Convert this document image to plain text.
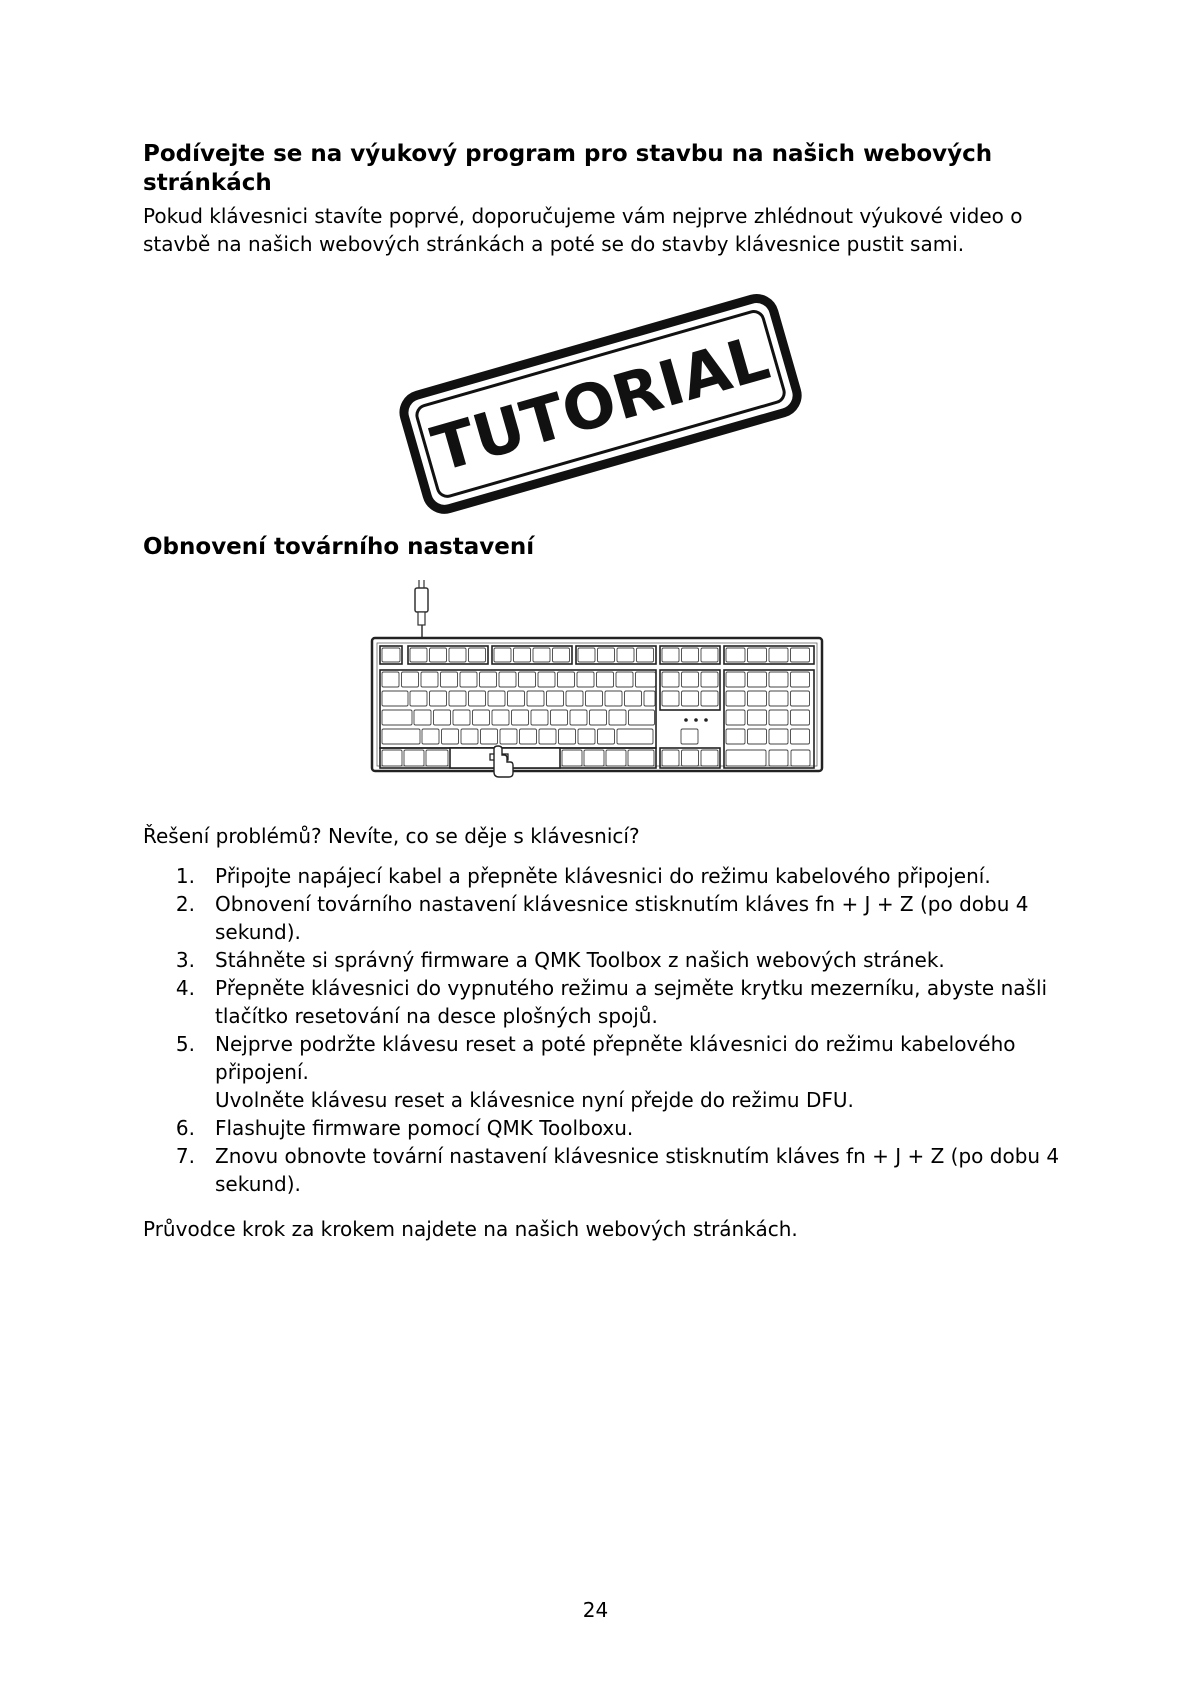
Podívejte se na výukový program pro stavbu na našich webových stránkách

Pokud klávesnici stavíte poprvé, doporučujeme vám nejprve zhlédnout výukové video o stavbě na našich webových stránkách a poté se do stavby klávesnice pustit sami.

TUTORIAL
Obnovení továrního nastavení

Řešení problémů? Nevíte, co se děje s klávesnicí?

1.	Připojte napájecí kabel a přepněte klávesnici do režimu kabelového připojení.
2.	Obnovení továrního nastavení klávesnice stisknutím kláves fn + J + Z (po dobu 4 sekund).
3.	Stáhněte si správný firmware a QMK Toolbox z našich webových stránek.
4.	Přepněte klávesnici do vypnutého režimu a sejměte krytku mezerníku, abyste našli tlačítko resetování na desce plošných spojů.
5.	Nejprve podržte klávesu reset a poté přepněte klávesnici do režimu kabelového připojení.
Uvolněte klávesu reset a klávesnice nyní přejde do režimu DFU.
6.	Flashujte firmware pomocí QMK Toolboxu.
7.	Znovu obnovte tovární nastavení klávesnice stisknutím kláves fn + J + Z (po dobu 4 sekund).

Průvodce krok za krokem najdete na našich webových stránkách.

24
